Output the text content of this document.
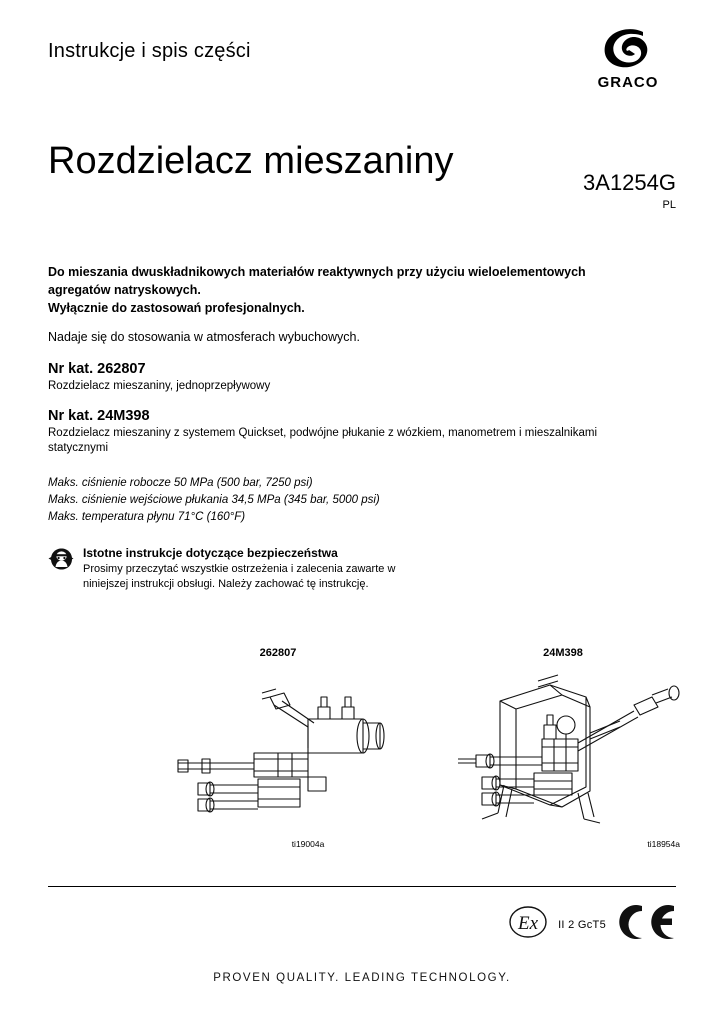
Instrukcje i spis części
GRACO
Rozdzielacz mieszaniny
3A1254G
PL

Do mieszania dwuskładnikowych materiałów reaktywnych przy użyciu wieloelementowych agregatów natryskowych.
Wyłącznie do zastosowań profesjonalnych.

Nadaje się do stosowania w atmosferach wybuchowych.

Nr kat. 262807

Rozdzielacz mieszaniny, jednoprzepływowy

Nr kat. 24M398

Rozdzielacz mieszaniny z systemem Quickset, podwójne płukanie z wózkiem, manometrem i mieszalnikami statycznymi

Maks. ciśnienie robocze 50 MPa (500 bar, 7250 psi)
Maks. ciśnienie wejściowe płukania 34,5 MPa (345 bar, 5000 psi)
Maks. temperatura płynu 71°C (160°F)

Istotne instrukcje dotyczące bezpieczeństwa

Prosimy przeczytać wszystkie ostrzeżenia i zalecenia zawarte w niniejszej instrukcji obsługi. Należy zachować tę instrukcję.

262807
ti19004a
24M398
ti18954a
Ex II 2 GcT5
PROVEN QUALITY. LEADING TECHNOLOGY.
